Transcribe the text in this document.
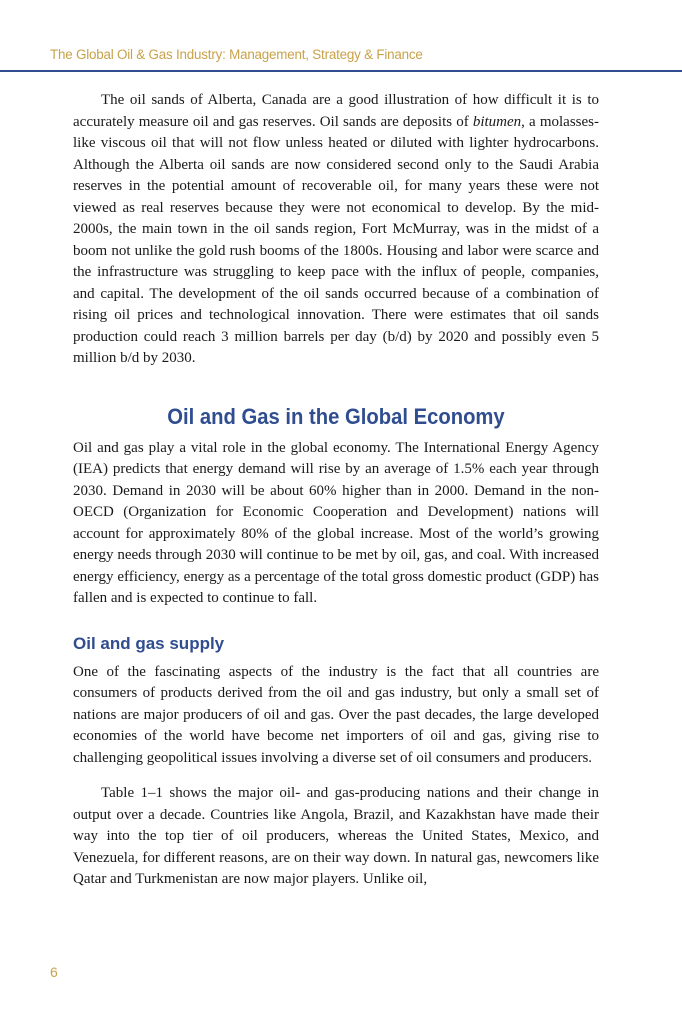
The Global Oil & Gas Industry: Management, Strategy & Finance

The oil sands of Alberta, Canada are a good illustration of how difficult it is to accurately measure oil and gas reserves. Oil sands are deposits of bitumen, a molasses-like viscous oil that will not flow unless heated or diluted with lighter hydrocarbons. Although the Alberta oil sands are now considered second only to the Saudi Arabia reserves in the potential amount of recoverable oil, for many years these were not viewed as real reserves because they were not economical to develop. By the mid-2000s, the main town in the oil sands region, Fort McMurray, was in the midst of a boom not unlike the gold rush booms of the 1800s. Housing and labor were scarce and the infrastructure was struggling to keep pace with the influx of people, companies, and capital. The development of the oil sands occurred because of a combination of rising oil prices and technological innovation. There were estimates that oil sands production could reach 3 million barrels per day (b/d) by 2020 and possibly even 5 million b/d by 2030.

Oil and Gas in the Global Economy

Oil and gas play a vital role in the global economy. The International Energy Agency (IEA) predicts that energy demand will rise by an average of 1.5% each year through 2030. Demand in 2030 will be about 60% higher than in 2000. Demand in the non-OECD (Organization for Economic Cooperation and Development) nations will account for approximately 80% of the global increase. Most of the world’s growing energy needs through 2030 will continue to be met by oil, gas, and coal. With increased energy efficiency, energy as a percentage of the total gross domestic product (GDP) has fallen and is expected to continue to fall.

Oil and gas supply

One of the fascinating aspects of the industry is the fact that all countries are consumers of products derived from the oil and gas industry, but only a small set of nations are major producers of oil and gas. Over the past decades, the large developed economies of the world have become net importers of oil and gas, giving rise to challenging geopolitical issues involving a diverse set of oil consumers and producers.

Table 1–1 shows the major oil- and gas-producing nations and their change in output over a decade. Countries like Angola, Brazil, and Kazakhstan have made their way into the top tier of oil producers, whereas the United States, Mexico, and Venezuela, for different reasons, are on their way down. In natural gas, newcomers like Qatar and Turkmenistan are now major players. Unlike oil,

6
